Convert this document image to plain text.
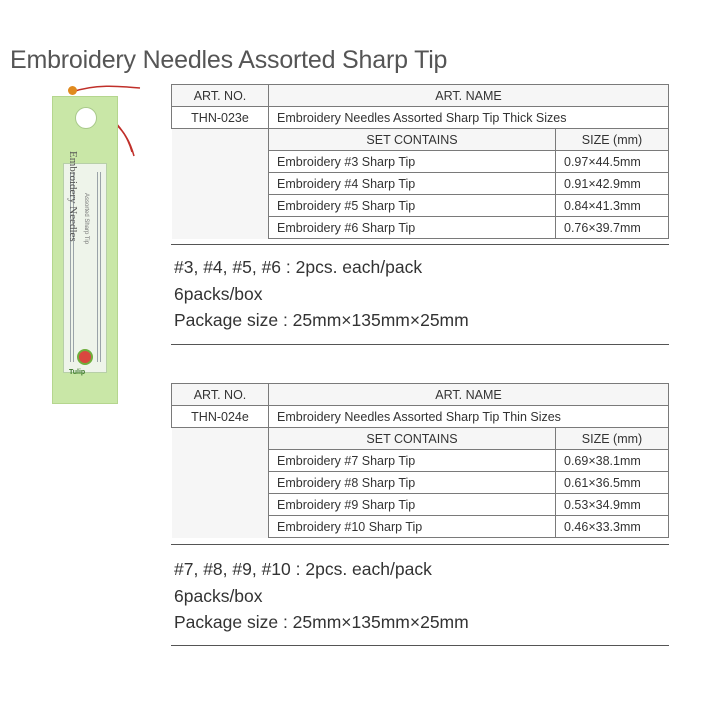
Embroidery Needles Assorted Sharp Tip
Embroidery Needles Assorted Sharp Tip
Tulip
ART. NO.	ART. NAME	
THN-023e	Embroidery Needles Assorted Sharp Tip Thick Sizes	
	SET CONTAINS	SIZE (mm)
	Embroidery #3 Sharp Tip	0.97×44.5mm
	Embroidery #4 Sharp Tip	0.91×42.9mm
	Embroidery #5 Sharp Tip	0.84×41.3mm
	Embroidery #6 Sharp Tip	0.76×39.7mm
#3, #4, #5, #6 : 2pcs. each/pack
6packs/box
Package size : 25mm×135mm×25mm
ART. NO.	ART. NAME	
THN-024e	Embroidery Needles Assorted Sharp Tip Thin Sizes	
	SET CONTAINS	SIZE (mm)
	Embroidery #7 Sharp Tip	0.69×38.1mm
	Embroidery #8 Sharp Tip	0.61×36.5mm
	Embroidery #9 Sharp Tip	0.53×34.9mm
	Embroidery #10 Sharp Tip	0.46×33.3mm
#7, #8, #9, #10 : 2pcs. each/pack
6packs/box
Package size : 25mm×135mm×25mm
